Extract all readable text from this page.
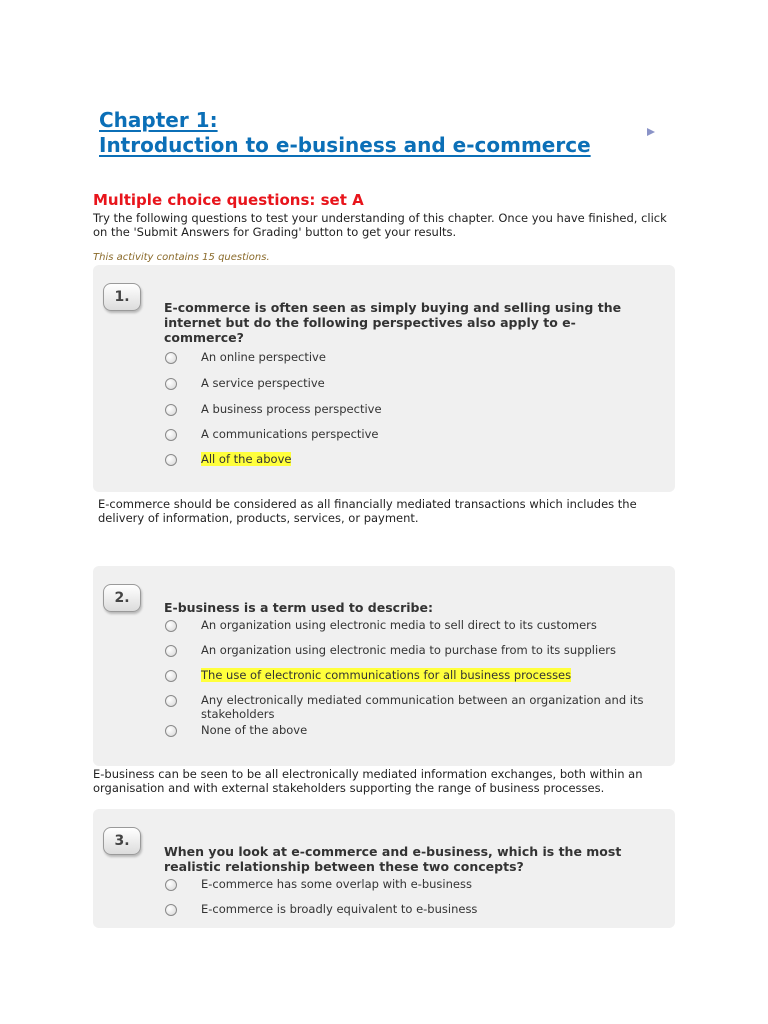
Chapter 1:
Introduction to e-business and e-commerce
Multiple choice questions: set A
Try the following questions to test your understanding of this chapter. Once you have finished, click on the 'Submit Answers for Grading' button to get your results.
This activity contains 15 questions.
1.
E-commerce is often seen as simply buying and selling using the internet but do the following perspectives also apply to e-commerce?
An online perspective
A service perspective
A business process perspective
A communications perspective
All of the above
E-commerce should be considered as all financially mediated transactions which includes the delivery of information, products, services, or payment.
2.
E-business is a term used to describe:
An organization using electronic media to sell direct to its customers
An organization using electronic media to purchase from to its suppliers
The use of electronic communications for all business processes
Any electronically mediated communication between an organization and its stakeholders
None of the above
E-business can be seen to be all electronically mediated information exchanges, both within an organisation and with external stakeholders supporting the range of business processes.
3.
When you look at e-commerce and e-business, which is the most realistic relationship between these two concepts?
E-commerce has some overlap with e-business
E-commerce is broadly equivalent to e-business
